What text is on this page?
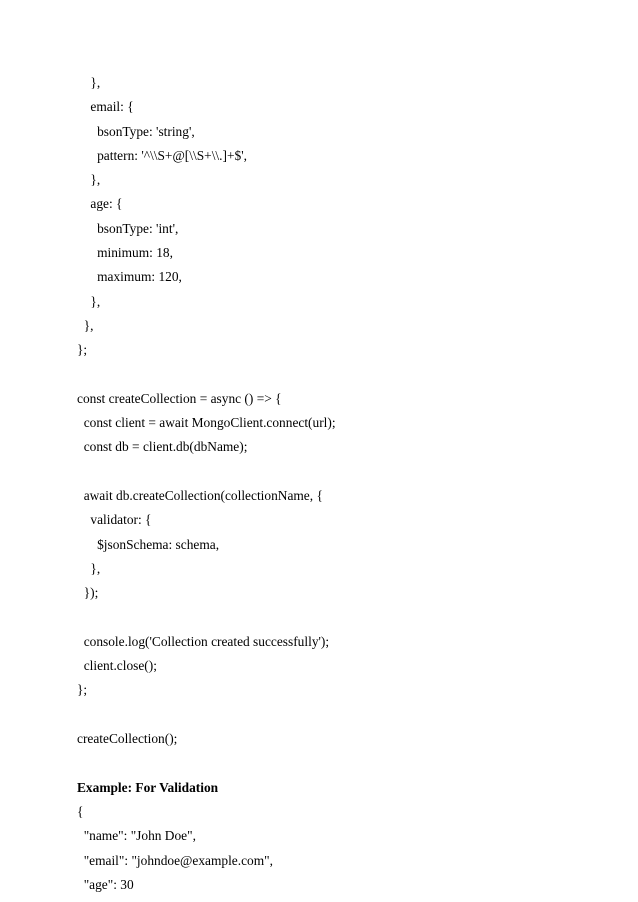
},
email: {
bsonType: 'string',
pattern: '^\\S+@[\\S+\\.]+$',
},
age: {
bsonType: 'int',
minimum: 18,
maximum: 120,
},
},
};
const createCollection = async () => {
const client = await MongoClient.connect(url);
const db = client.db(dbName);
await db.createCollection(collectionName, {
validator: {
$jsonSchema: schema,
},
});
console.log('Collection created successfully');
client.close();
};
createCollection();
Example: For Validation
{
"name": "John Doe",
"email": "johndoe@example.com",
"age": 30
